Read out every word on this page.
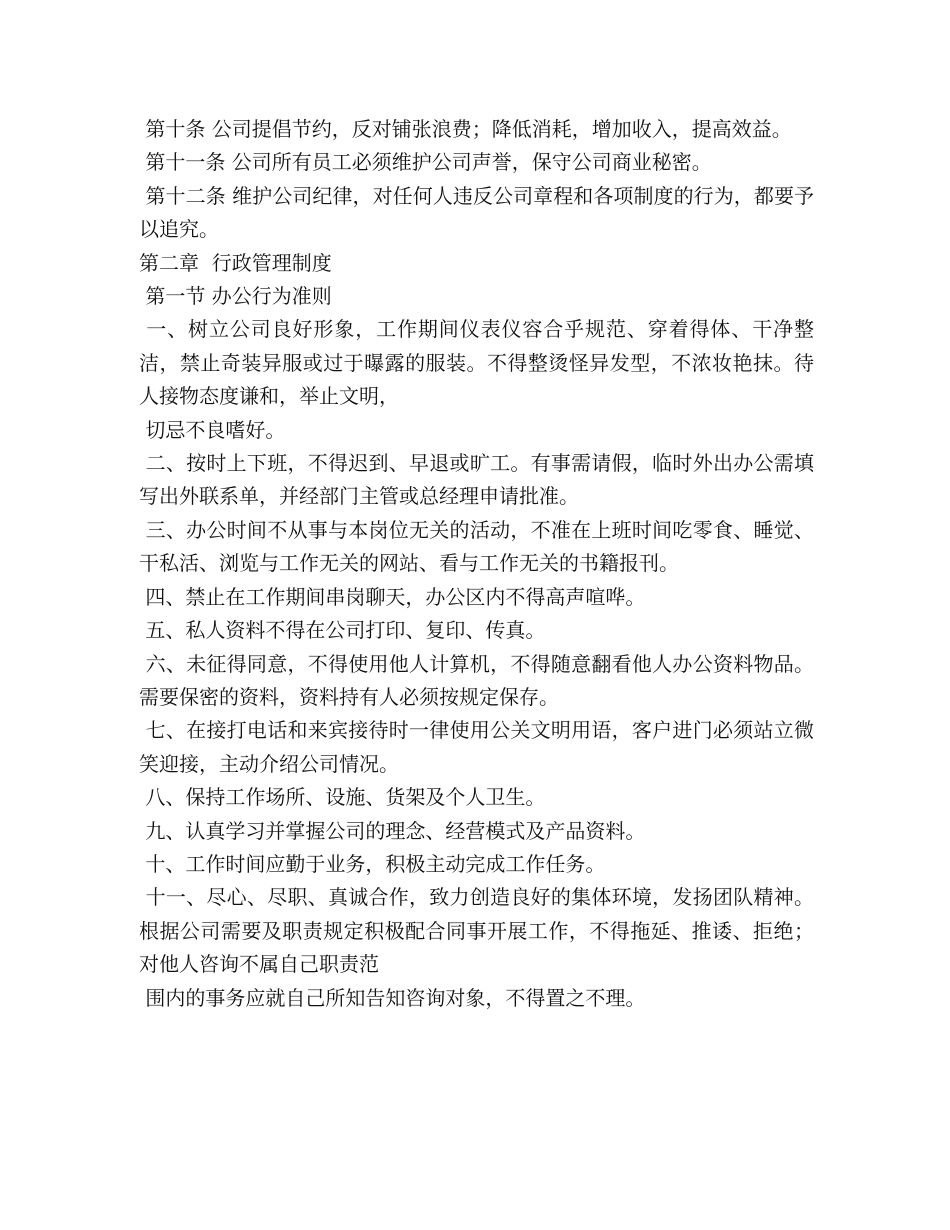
第十条 公司提倡节约，反对铺张浪费；降低消耗，增加收入，提高效益。

第十一条 公司所有员工必须维护公司声誉，保守公司商业秘密。

第十二条 维护公司纪律，对任何人违反公司章程和各项制度的行为，都要予以追究。

第二章  行政管理制度

第一节 办公行为准则

一、树立公司良好形象，工作期间仪表仪容合乎规范、穿着得体、干净整洁，禁止奇装异服或过于曝露的服装。不得整烫怪异发型，不浓妆艳抹。待人接物态度谦和，举止文明，

切忌不良嗜好。

二、按时上下班，不得迟到、早退或旷工。有事需请假，临时外出办公需填写出外联系单，并经部门主管或总经理申请批准。

三、办公时间不从事与本岗位无关的活动，不准在上班时间吃零食、睡觉、干私活、浏览与工作无关的网站、看与工作无关的书籍报刊。

四、禁止在工作期间串岗聊天，办公区内不得高声喧哗。

五、私人资料不得在公司打印、复印、传真。

六、未征得同意，不得使用他人计算机，不得随意翻看他人办公资料物品。需要保密的资料，资料持有人必须按规定保存。

七、在接打电话和来宾接待时一律使用公关文明用语，客户进门必须站立微笑迎接，主动介绍公司情况。

八、保持工作场所、设施、货架及个人卫生。

九、认真学习并掌握公司的理念、经营模式及产品资料。

十、工作时间应勤于业务，积极主动完成工作任务。

十一、尽心、尽职、真诚合作，致力创造良好的集体环境，发扬团队精神。根据公司需要及职责规定积极配合同事开展工作，不得拖延、推诿、拒绝；对他人咨询不属自己职责范

围内的事务应就自己所知告知咨询对象，不得置之不理。
